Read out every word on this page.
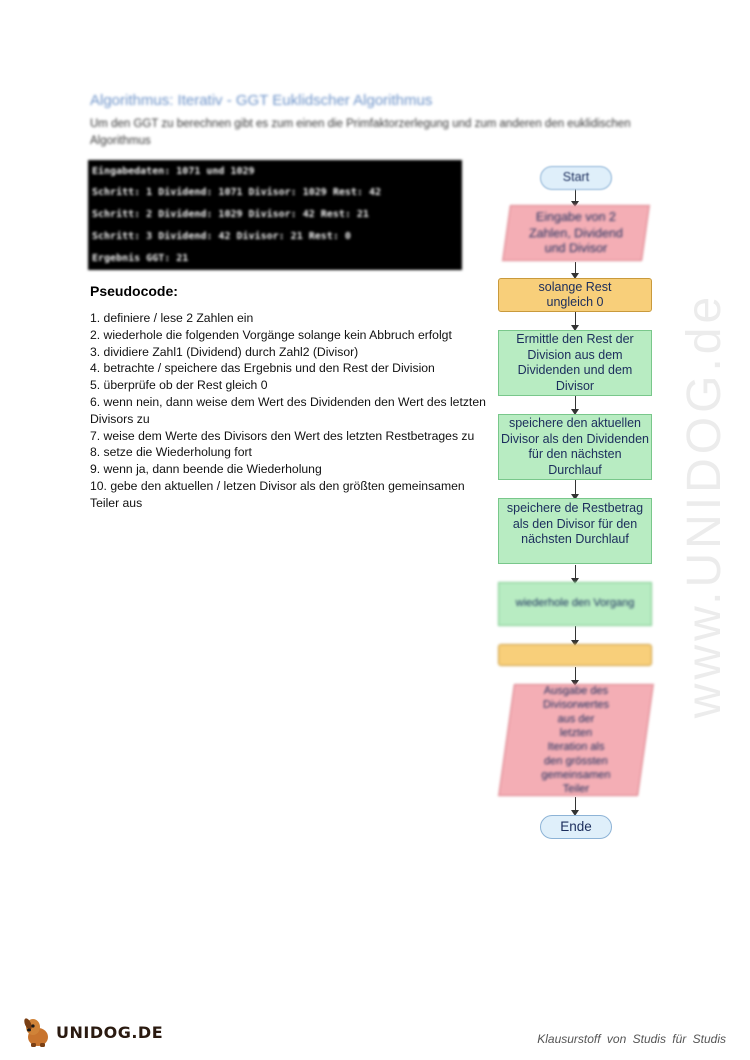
Algorithmus: Iterativ - GGT Euklidscher Algorithmus
Um den GGT zu berechnen gibt es zum einen die Primfaktorzerlegung und zum anderen den euklidischen Algorithmus
Eingabedaten: 1071 und 1029
Schritt: 1 Dividend: 1071 Divisor: 1029 Rest: 42
Schritt: 2 Dividend: 1029 Divisor: 42 Rest: 21
Schritt: 3 Dividend: 42 Divisor: 21 Rest: 0
Ergebnis GGT: 21
Pseudocode:
1. definiere / lese 2 Zahlen ein
2. wiederhole die folgenden Vorgänge solange kein Abbruch erfolgt
3. dividiere Zahl1 (Dividend) durch Zahl2 (Divisor)
4. betrachte / speichere das Ergebnis und den Rest der Division
5. überprüfe ob der Rest gleich 0
6. wenn nein, dann weise dem Wert des Dividenden den Wert des letzten Divisors zu
7. weise dem Werte des Divisors den Wert des letzten Restbetrages zu
8. setze die Wiederholung fort
9. wenn ja, dann beende die Wiederholung
10. gebe den aktuellen / letzen Divisor als den größten gemeinsamen Teiler aus
Start
Eingabe von 2 Zahlen, Dividend und Divisor
solange Rest ungleich 0
Ermittle den Rest der Division aus dem Dividenden und dem Divisor
speichere den aktuellen Divisor als den Dividenden für den nächsten Durchlauf
speichere de Restbetrag als den Divisor für den nächsten Durchlauf
wiederhole den Vorgang
Ausgabe des Divisorwertes aus der letzten Iteration als den grössten gemeinsamen Teiler
Ende
www.UNIDOG.de
UNIDOG.DE	Klausurstoff von Studis für Studis
